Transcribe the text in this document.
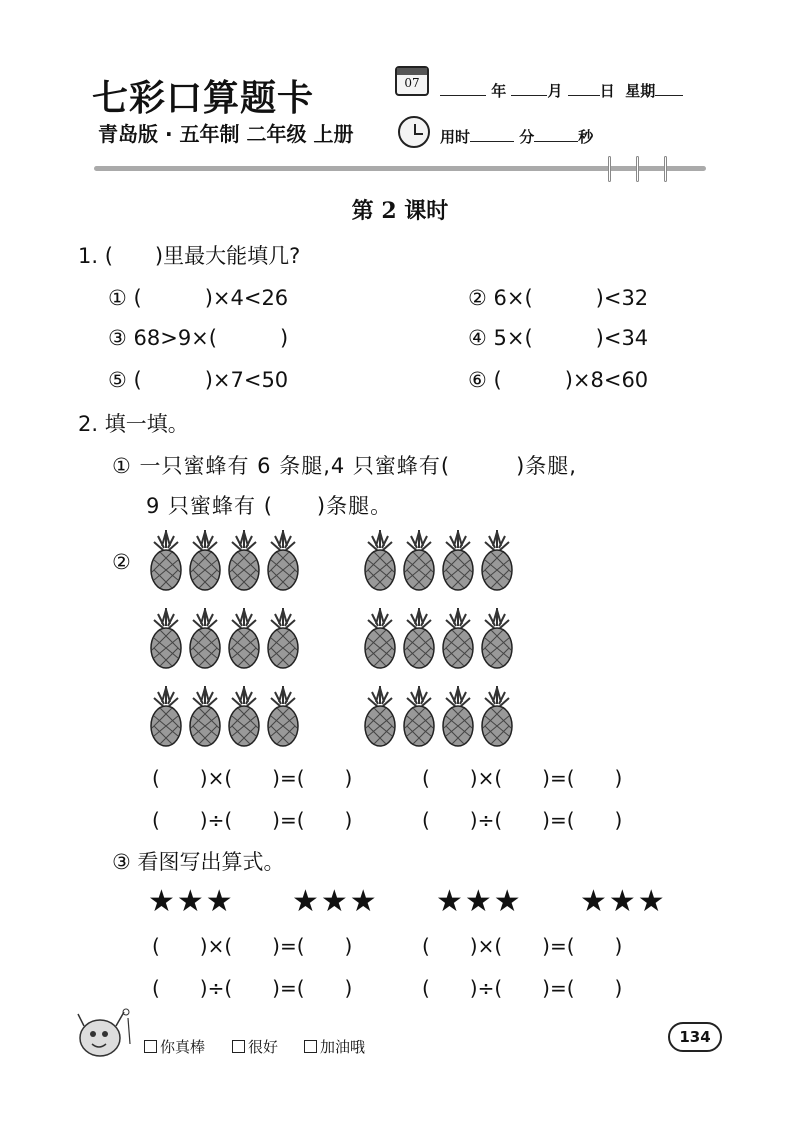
七彩口算题卡
青岛版 · 五年制 二年级 上册
07	年	月 日 星期
用时	分	秒
第 2 课时
1. (　　)里最大能填几?
① (　　　)×4<26	② 6×(　　　)<32
③ 68>9×(　　　)	④ 5×(　　　)<34
⑤ (　　　)×7<50	⑥ (　　　)×8<60
2. 填一填。
① 一只蜜蜂有 6 条腿,4 只蜜蜂有(　　　)条腿,
9 只蜜蜂有 (　　)条腿。
②
(　　)×(　　)=(　　)	(　　)×(　　)=(　　)
(　　)÷(　　)=(　　)	(　　)÷(　　)=(　　)
③ 看图写出算式。
★★★ ★★★ ★★★ ★★★
(　　)×(　　)=(　　)	(　　)×(　　)=(　　)
(　　)÷(　　)=(　　)	(　　)÷(　　)=(　　)
你真棒	很好	加油哦
134
